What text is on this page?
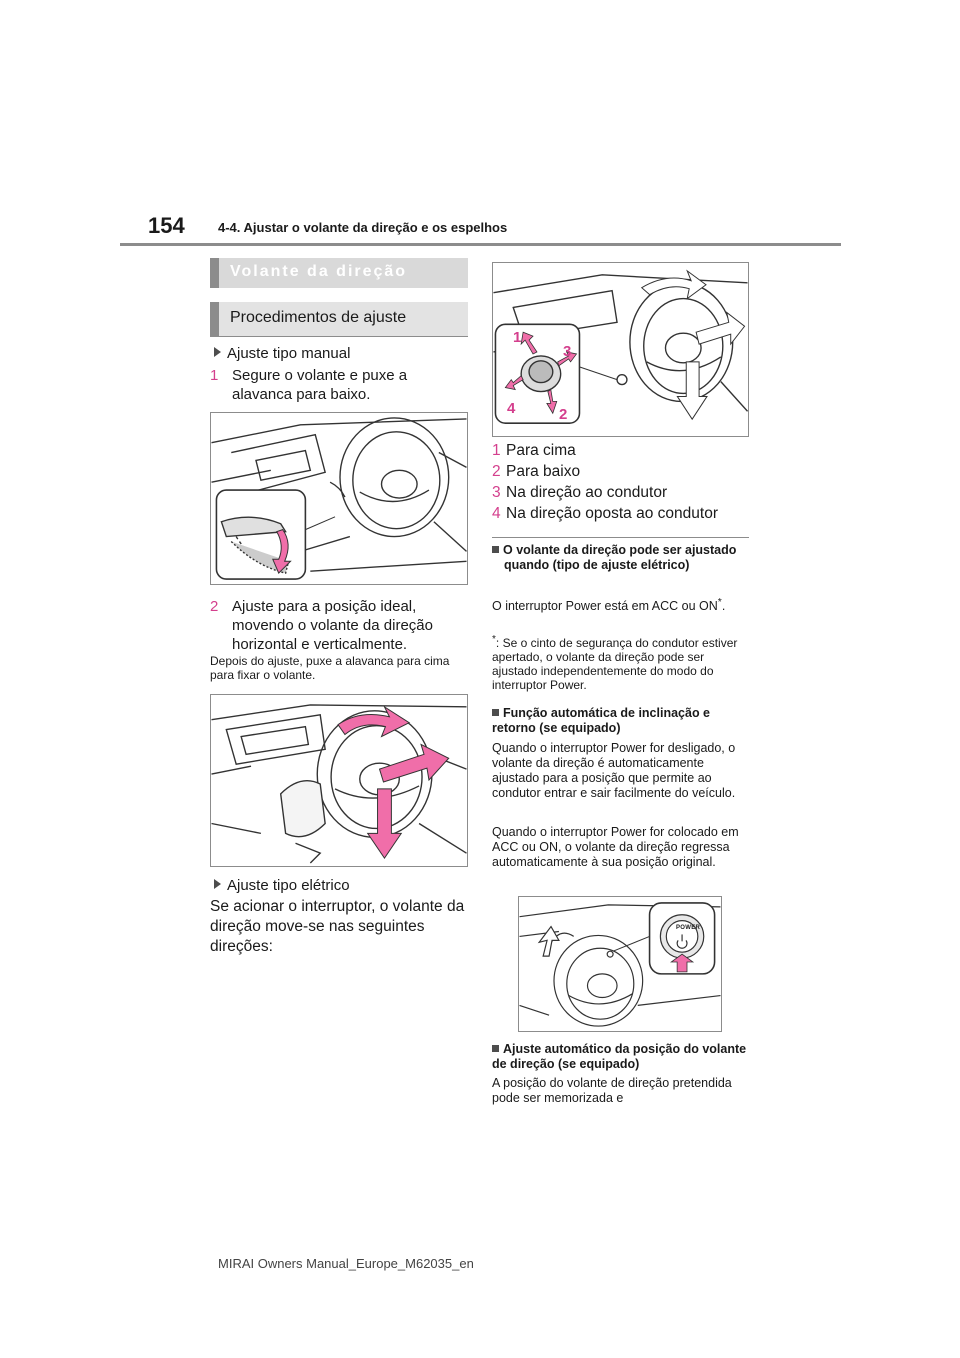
154	4-4. Ajustar o volante da direção e os espelhos
Volante da direção
Procedimentos de ajuste
Ajuste tipo manual
1 Segure o volante e puxe a alavanca para baixo.
2 Ajuste para a posição ideal, movendo o volante da direção horizontal e verticalmente.
Depois do ajuste, puxe a alavanca para cima para fixar o volante.
Ajuste tipo elétrico
Se acionar o interruptor, o volante da direção move-se nas seguintes direções:
1
2
3
4
1 Para cima
2 Para baixo
3 Na direção ao condutor
4 Na direção oposta ao condutor
O volante da direção pode ser ajustado quando (tipo de ajuste elétrico)
O interruptor Power está em ACC ou ON*.
*: Se o cinto de segurança do condutor estiver apertado, o volante da direção pode ser ajustado independentemente do modo do interruptor Power.
Função automática de inclinação e retorno (se equipado)
Quando o interruptor Power for desligado, o volante da direção é automaticamente ajustado para a posição que permite ao condutor entrar e sair facilmente do veículo.
Quando o interruptor Power for colocado em ACC ou ON, o volante da direção regressa automaticamente à sua posição original.
POWER
Ajuste automático da posição do volante de direção (se equipado)
A posição do volante de direção pretendida pode ser memorizada e
MIRAI Owners Manual_Europe_M62035_en
